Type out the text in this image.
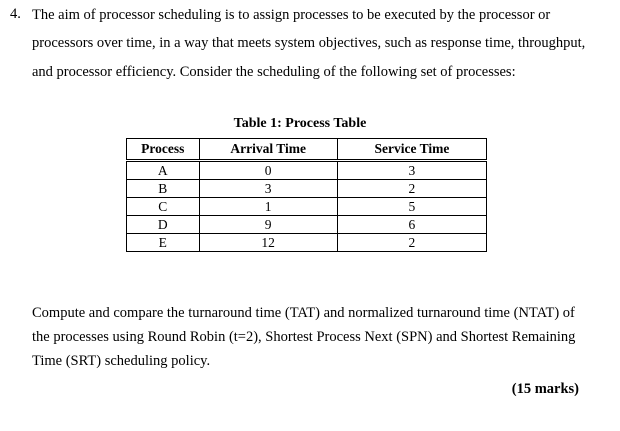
4. The aim of processor scheduling is to assign processes to be executed by the processor or
processors over time, in a way that meets system objectives, such as response time, throughput,
and processor efficiency. Consider the scheduling of the following set of processes:
Table 1: Process Table
Process	Arrival Time	Service Time
A	0	3
B	3	2
C	1	5
D	9	6
E	12	2
Compute and compare the turnaround time (TAT) and normalized turnaround time (NTAT) of
the processes using Round Robin (t=2), Shortest Process Next (SPN) and Shortest Remaining
Time (SRT) scheduling policy.
(15 marks)
